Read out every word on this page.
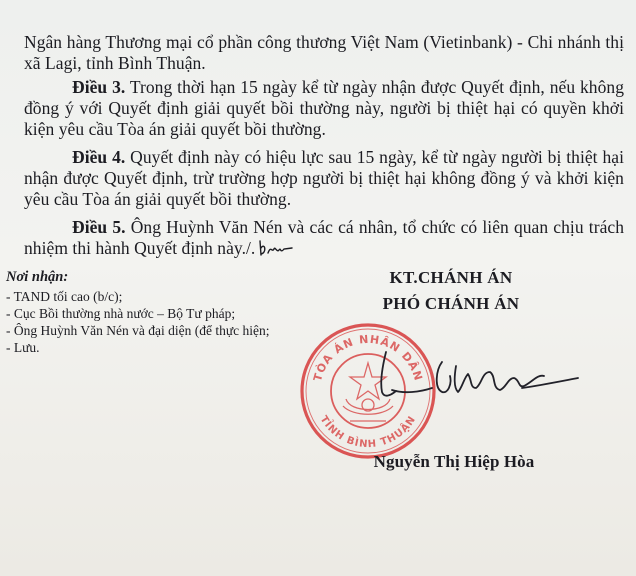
Ngân hàng Thương mại cổ phần công thương Việt Nam (Vietinbank) - Chi nhánh thị xã Lagi, tỉnh Bình Thuận.

Điều 3. Trong thời hạn 15 ngày kể từ ngày nhận được Quyết định, nếu không đồng ý với Quyết định giải quyết bồi thường này, người bị thiệt hại có quyền khởi kiện yêu cầu Tòa án giải quyết bồi thường.

Điều 4. Quyết định này có hiệu lực sau 15 ngày, kể từ ngày người bị thiệt hại nhận được Quyết định, trừ trường hợp người bị thiệt hại không đồng ý và khởi kiện yêu cầu Tòa án giải quyết bồi thường.

Điều 5. Ông Huỳnh Văn Nén và các cá nhân, tổ chức có liên quan chịu trách nhiệm thi hành Quyết định này./.

Nơi nhận:

- TAND tối cao (b/c);

- Cục Bồi thường nhà nước – Bộ Tư pháp;

- Ông Huỳnh Văn Nén và đại diện (để thực hiện;

- Lưu.

KT.CHÁNH ÁN
PHÓ CHÁNH ÁN
TÒA ÁN NHÂN DÂN
TỈNH BÌNH THUẬN
Nguyễn Thị Hiệp Hòa
